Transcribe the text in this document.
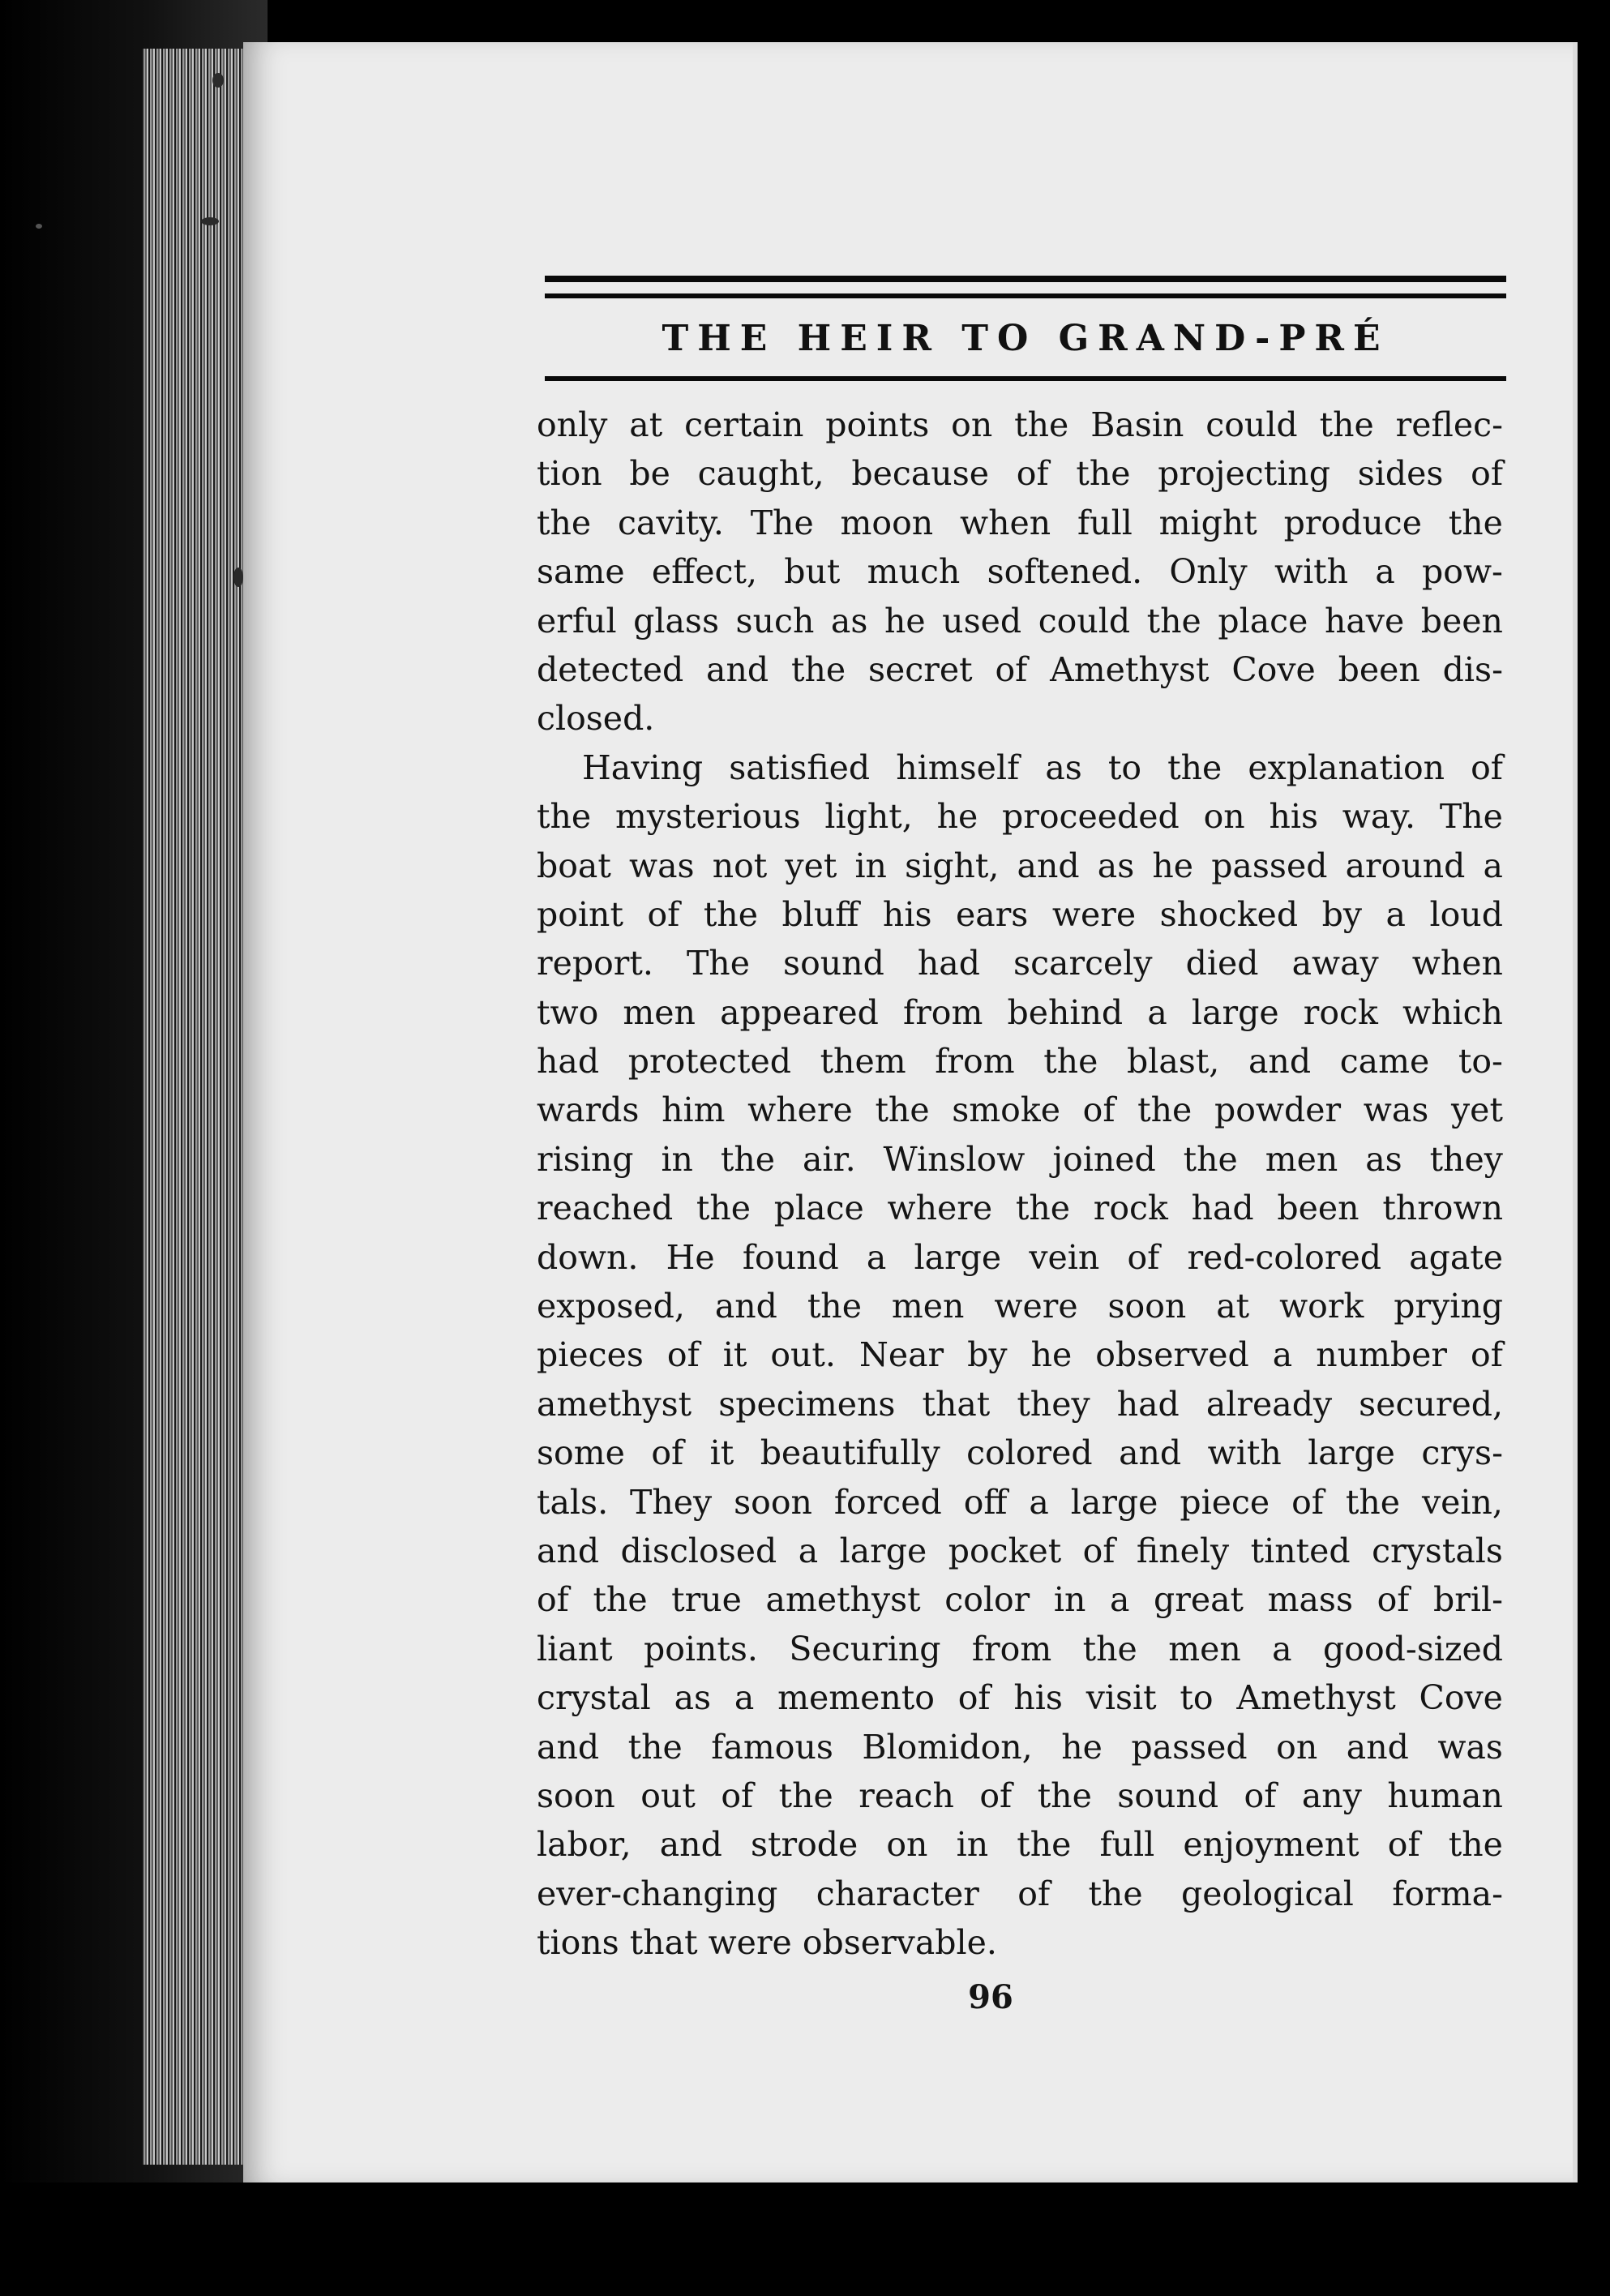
THE HEIR TO GRAND-PRÉ
only at certain points on the Basin could the reflec-
tion be caught, because of the projecting sides of
the cavity. The moon when full might produce the
same effect, but much softened. Only with a pow-
erful glass such as he used could the place have been
detected and the secret of Amethyst Cove been dis-
closed.
Having satisfied himself as to the explanation of
the mysterious light, he proceeded on his way. The
boat was not yet in sight, and as he passed around a
point of the bluff his ears were shocked by a loud
report. The sound had scarcely died away when
two men appeared from behind a large rock which
had protected them from the blast, and came to-
wards him where the smoke of the powder was yet
rising in the air. Winslow joined the men as they
reached the place where the rock had been thrown
down. He found a large vein of red-colored agate
exposed, and the men were soon at work prying
pieces of it out. Near by he observed a number of
amethyst specimens that they had already secured,
some of it beautifully colored and with large crys-
tals. They soon forced off a large piece of the vein,
and disclosed a large pocket of finely tinted crystals
of the true amethyst color in a great mass of bril-
liant points. Securing from the men a good-sized
crystal as a memento of his visit to Amethyst Cove
and the famous Blomidon, he passed on and was
soon out of the reach of the sound of any human
labor, and strode on in the full enjoyment of the
ever-changing character of the geological forma-
tions that were observable.
96
